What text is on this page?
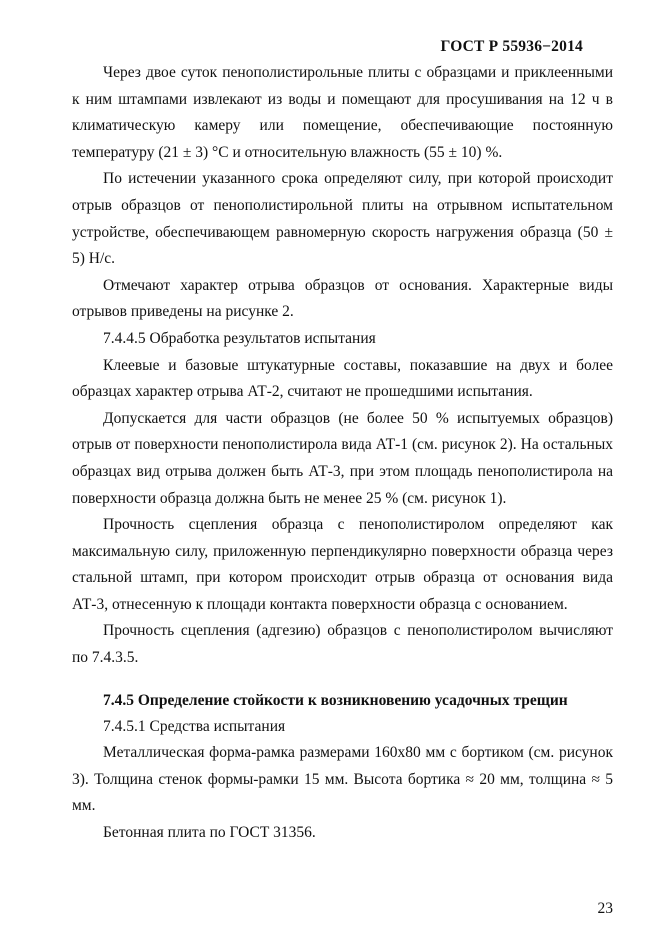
ГОСТ Р 55936−2014

Через двое суток пенополистирольные плиты с образцами и приклеенными к ним штампами извлекают из воды и помещают для просушивания на 12 ч в климатическую камеру или помещение, обеспечивающие постоянную температуру (21 ± 3) °С и относительную влажность (55 ± 10) %.

По истечении указанного срока определяют силу, при которой происходит отрыв образцов от пенополистирольной плиты на отрывном испытательном устройстве, обеспечивающем равномерную скорость нагружения образца (50 ± 5) Н/с.

Отмечают характер отрыва образцов от основания. Характерные виды отрывов приведены на рисунке 2.

7.4.4.5 Обработка результатов испытания

Клеевые и базовые штукатурные составы, показавшие на двух и более образцах характер отрыва АТ-2, считают не прошедшими испытания.

Допускается для части образцов (не более 50 % испытуемых образцов) отрыв от поверхности пенополистирола вида АТ-1 (см. рисунок 2). На остальных образцах вид отрыва должен быть АТ-3, при этом площадь пенополистирола на поверхности образца должна быть не менее 25 % (см. рисунок 1).

Прочность сцепления образца с пенополистиролом определяют как максимальную силу, приложенную перпендикулярно поверхности образца через стальной штамп, при котором происходит отрыв образца от основания вида АТ-3, отнесенную к площади контакта поверхности образца с основанием.

Прочность сцепления (адгезию) образцов с пенополистиролом вычисляют по 7.4.3.5.

7.4.5 Определение стойкости к возникновению усадочных трещин

7.4.5.1 Средства испытания

Металлическая форма-рамка размерами 160х80 мм с бортиком (см. рисунок 3). Толщина стенок формы-рамки 15 мм. Высота бортика ≈ 20 мм, толщина ≈ 5 мм.

Бетонная плита по ГОСТ 31356.

23
